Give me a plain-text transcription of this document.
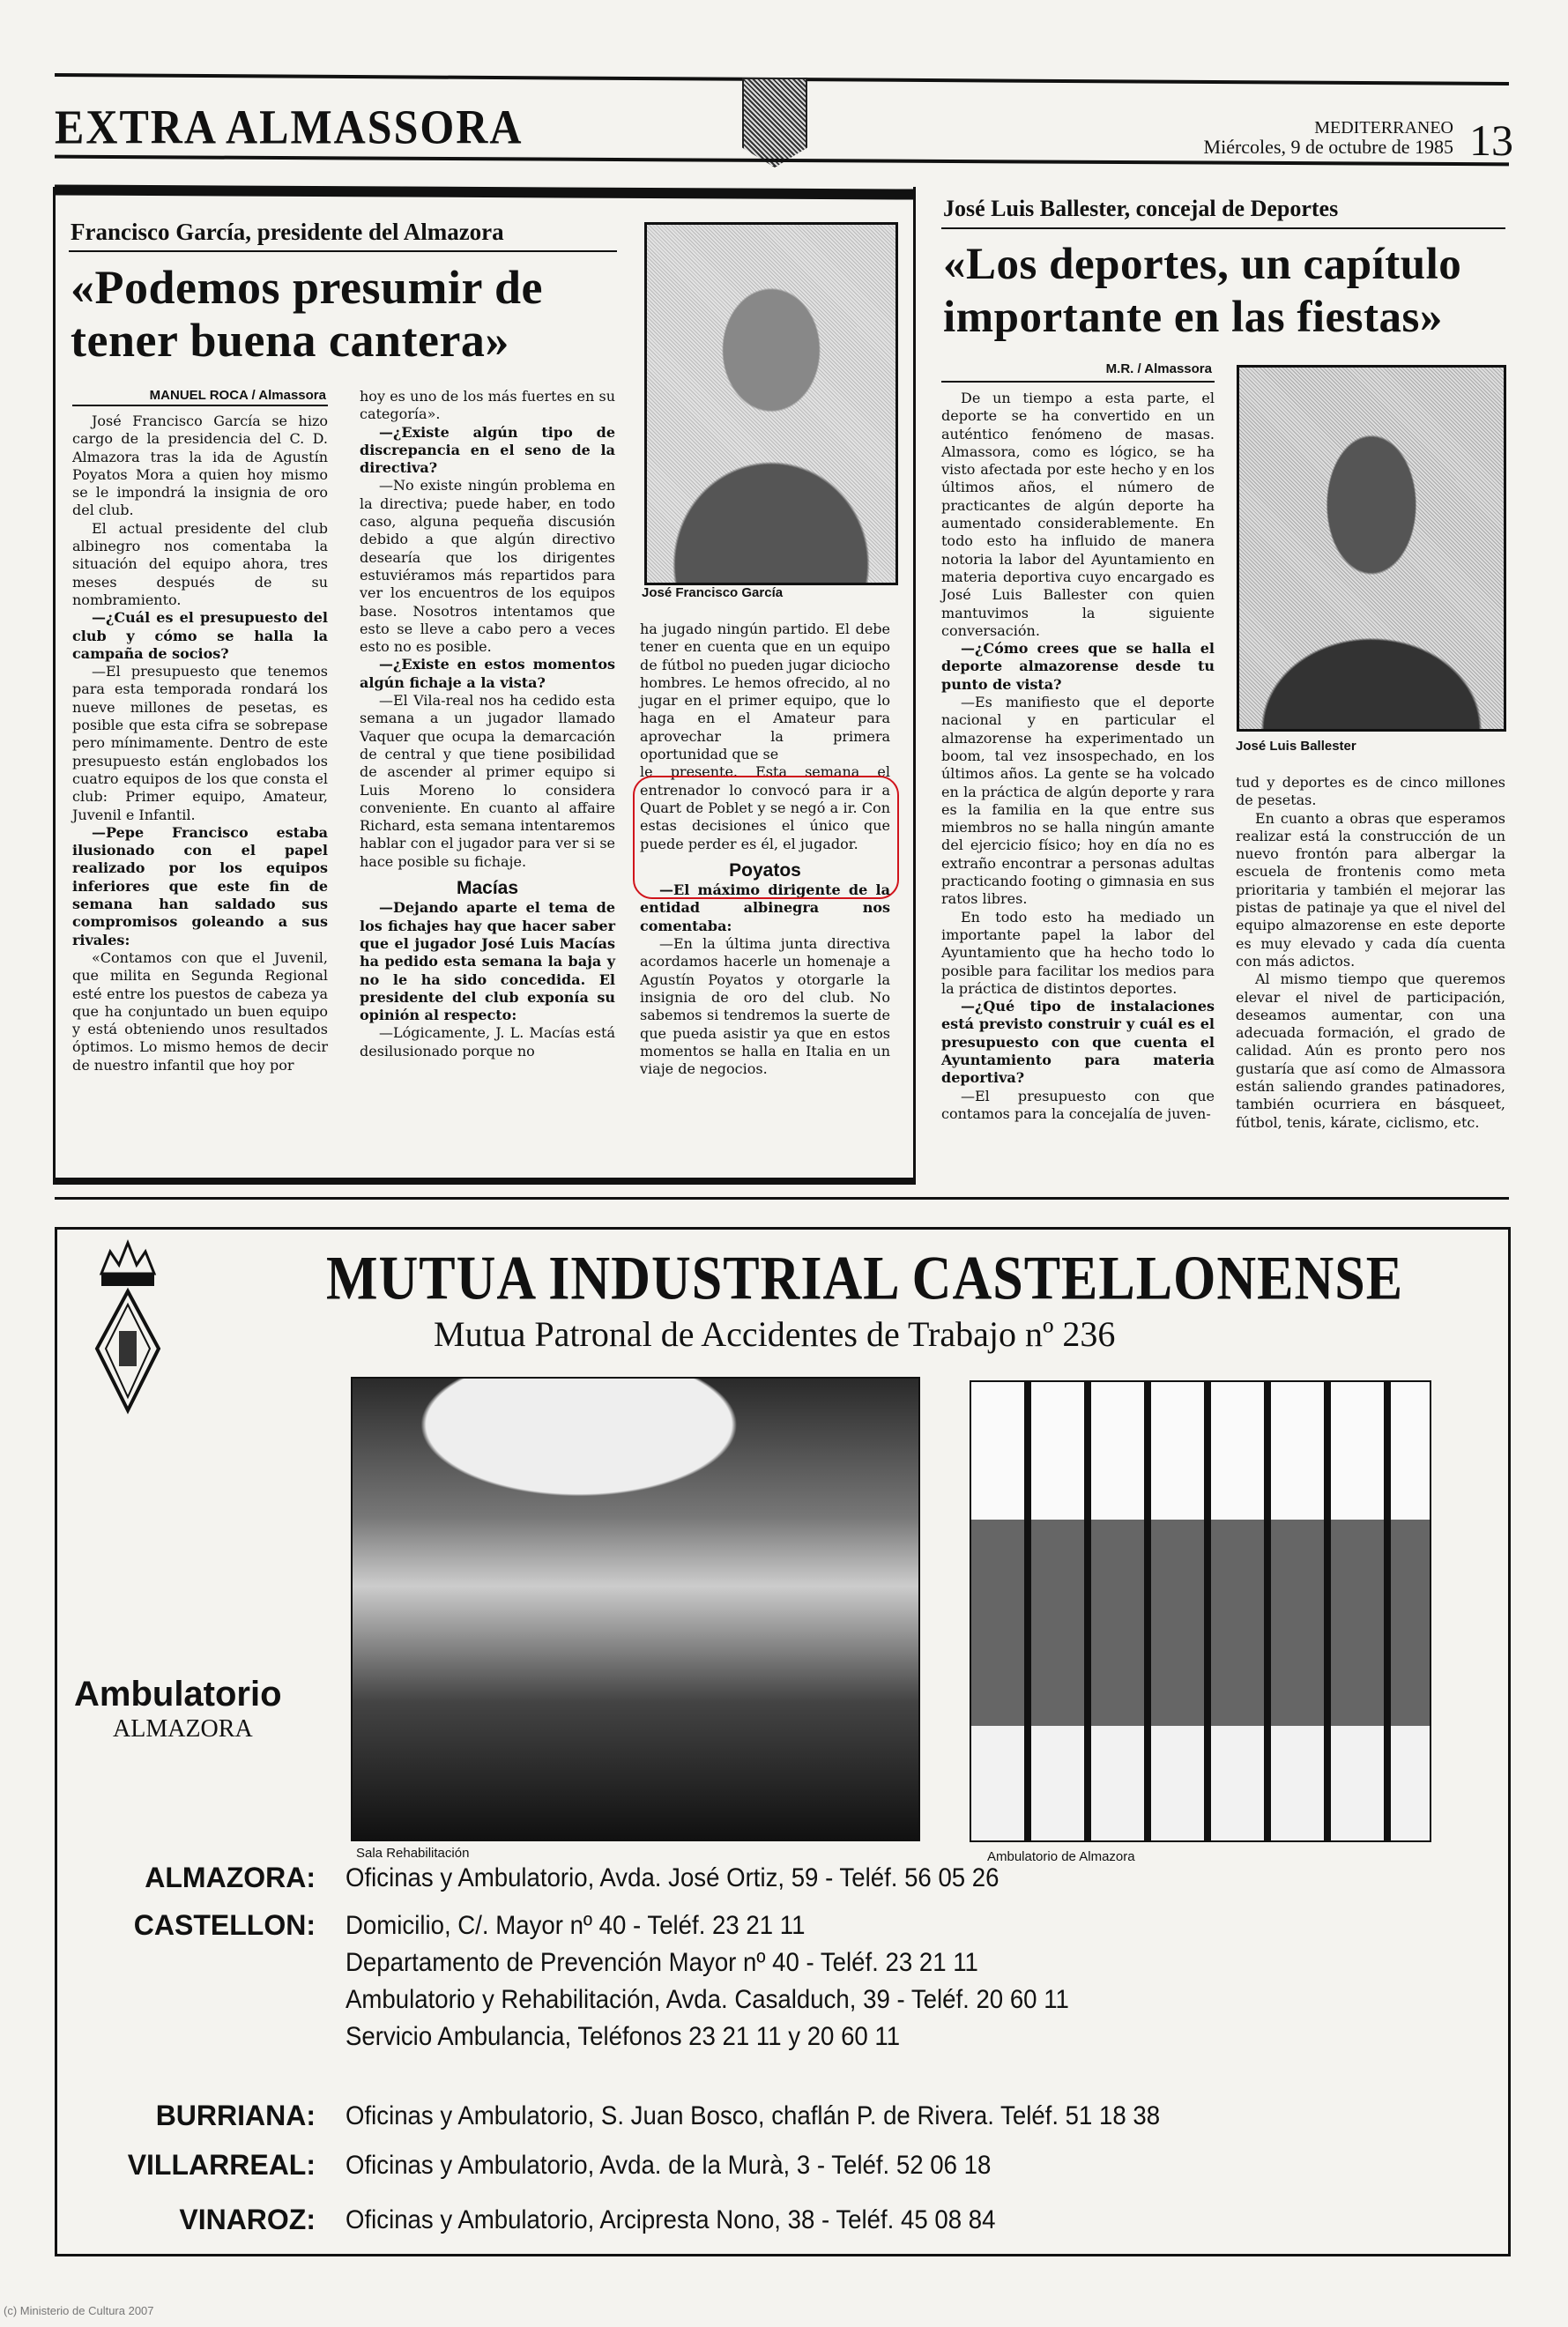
EXTRA ALMASSORA	MEDITERRANEO
Miércoles, 9 de octubre de 1985 13
Francisco García, presidente del Almazora
«Podemos presumir de
tener buena cantera»
MANUEL ROCA / Almassora

José Francisco García se hizo cargo de la presidencia del C. D. Almazora tras la ida de Agustín Poyatos Mora a quien hoy mismo se le impondrá la insignia de oro del club.

El actual presidente del club albinegro nos comentaba la situación del equipo ahora, tres meses después de su nombramiento.

—¿Cuál es el presupuesto del club y cómo se halla la campaña de socios?

—El presupuesto que tenemos para esta temporada rondará los nueve millones de pesetas, es posible que esta cifra se sobrepase pero mínimamente. Dentro de este presupuesto están englobados los cuatro equipos de los que consta el club: Primer equipo, Amateur, Juvenil e Infantil.

—Pepe Francisco estaba ilusionado con el papel realizado por los equipos inferiores que este fin de semana han saldado sus compromisos goleando a sus rivales:

«Contamos con que el Juvenil, que milita en Segunda Regional esté entre los puestos de cabeza ya que ha conjuntado un buen equipo y está obteniendo unos resultados óptimos. Lo mismo hemos de decir de nuestro infantil que hoy por

hoy es uno de los más fuertes en su categoría».

—¿Existe algún tipo de discrepancia en el seno de la directiva?

—No existe ningún problema en la directiva; puede haber, en todo caso, alguna pequeña discusión debido a que algún directivo desearía que los dirigentes estuviéramos más repartidos para ver los encuentros de los equipos base. Nosotros intentamos que esto se lleve a cabo pero a veces esto no es posible.

—¿Existe en estos momentos algún fichaje a la vista?

—El Vila-real nos ha cedido esta semana a un jugador llamado Vaquer que ocupa la demarcación de central y que tiene posibilidad de ascender al primer equipo si Luis Moreno lo considera conveniente. En cuanto al affaire Richard, esta semana intentaremos hablar con el jugador para ver si se hace posible su fichaje.

Macías

—Dejando aparte el tema de los fichajes hay que hacer saber que el jugador José Luis Macías ha pedido esta semana la baja y no le ha sido concedida. El presidente del club exponía su opinión al respecto:

—Lógicamente, J. L. Macías está desilusionado porque no

José Francisco García

ha jugado ningún partido. El debe tener en cuenta que en un equipo de fútbol no pueden jugar diciocho hombres. Le hemos ofrecido, al no jugar en el primer equipo, que lo haga en el Amateur para aprovechar la primera oportunidad que se

le presente. Esta semana el entrenador lo convocó para ir a Quart de Poblet y se negó a ir. Con estas decisiones el único que puede perder es él, el jugador.

Poyatos

—El máximo dirigente de la entidad albinegra nos comentaba:

—En la última junta directiva acordamos hacerle un homenaje a Agustín Poyatos y otorgarle la insignia de oro del club. No sabemos si tendremos la suerte de que pueda asistir ya que en estos momentos se halla en Italia en un viaje de negocios.

José Luis Ballester, concejal de Deportes
«Los deportes, un capítulo
importante en las fiestas»
M.R. / Almassora

De un tiempo a esta parte, el deporte se ha convertido en un auténtico fenómeno de masas. Almassora, como es lógico, se ha visto afectada por este hecho y en los últimos años, el número de practicantes de algún deporte ha aumentado considerablemente. En todo esto ha influido de manera notoria la labor del Ayuntamiento en materia deportiva cuyo encargado es José Luis Ballester con quien mantuvimos la siguiente conversación.

—¿Cómo crees que se halla el deporte almazorense desde tu punto de vista?

—Es manifiesto que el deporte nacional y en particular el almazorense ha experimentado un boom, tal vez insospechado, en los últimos años. La gente se ha volcado en la práctica de algún deporte y rara es la familia en la que entre sus miembros no se halla ningún amante del ejercicio físico; hoy en día no es extraño encontrar a personas adultas practicando footing o gimnasia en sus ratos libres.

En todo esto ha mediado un importante papel la labor del Ayuntamiento que ha hecho todo lo posible para facilitar los medios para la práctica de distintos deportes.

—¿Qué tipo de instalaciones está previsto construir y cuál es el presupuesto con que cuenta el Ayuntamiento para materia deportiva?

—El presupuesto con que contamos para la concejalía de juven-

José Luis Ballester

tud y deportes es de cinco millones de pesetas.

En cuanto a obras que esperamos realizar está la construcción de un nuevo frontón para albergar la escuela de frontenis como meta prioritaria y también el mejorar las pistas de patinaje ya que el nivel del equipo almazorense en este deporte es muy elevado y cada día cuenta con más adictos.

Al mismo tiempo que queremos elevar el nivel de participación, deseamos aumentar, con una adecuada formación, el grado de calidad. Aún es pronto pero nos gustaría que así como de Almassora están saliendo grandes patinadores, también ocurriera en básqueet, fútbol, tenis, kárate, ciclismo, etc.

MUTUA INDUSTRIAL CASTELLONENSE
Mutua Patronal de Accidentes de Trabajo nº 236
Ambulatorio
ALMAZORA
Sala Rehabilitación	Ambulatorio de Almazora
ALMAZORA: Oficinas y Ambulatorio, Avda. José Ortiz, 59 - Teléf. 56 05 26
CASTELLON: Domicilio, C/. Mayor nº 40 - Teléf. 23 21 11
Departamento de Prevención Mayor nº 40 - Teléf. 23 21 11
Ambulatorio y Rehabilitación, Avda. Casalduch, 39 - Teléf. 20 60 11
Servicio Ambulancia, Teléfonos 23 21 11 y 20 60 11
BURRIANA: Oficinas y Ambulatorio, S. Juan Bosco, chaflán P. de Rivera. Teléf. 51 18 38
VILLARREAL: Oficinas y Ambulatorio, Avda. de la Murà, 3 - Teléf. 52 06 18
VINAROZ: Oficinas y Ambulatorio, Arcipresta Nono, 38 - Teléf. 45 08 84
(c) Ministerio de Cultura 2007
